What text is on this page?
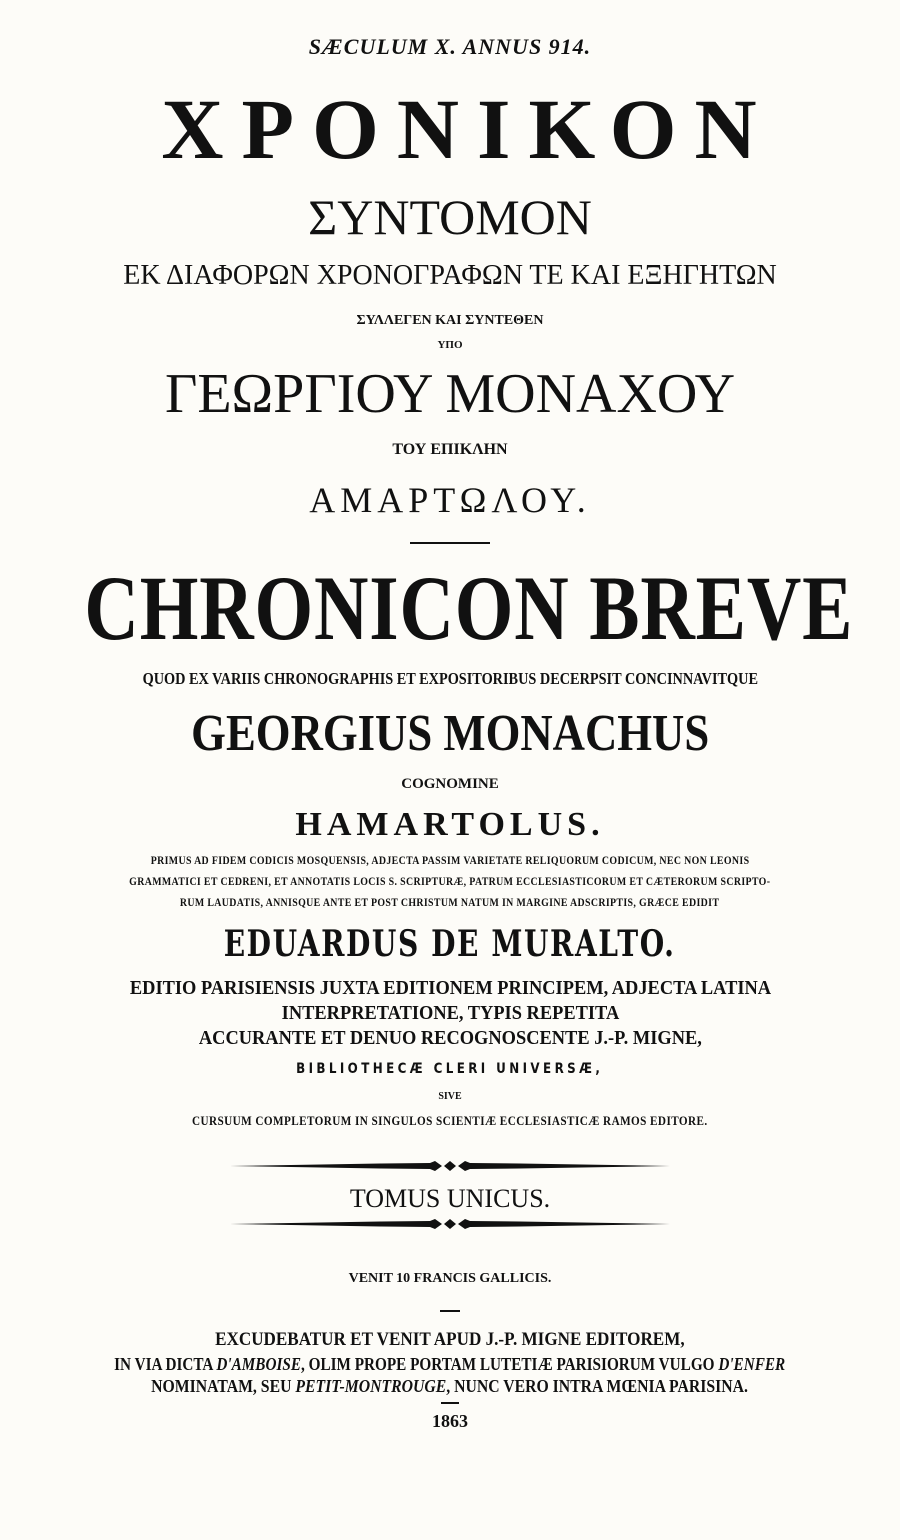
SÆCULUM X. ANNUS 914.

ΧΡΟΝΙΚΟΝ

ΣΥΝΤΟΜΟΝ

ΕΚ ΔΙΑΦΟΡΩΝ ΧΡΟΝΟΓΡΑΦΩΝ ΤΕ ΚΑΙ ΕΞΗΓΗΤΩΝ

ΣΥΛΛΕΓΕΝ ΚΑΙ ΣΥΝΤΕΘΕΝ

ΥΠΟ

ΓΕΩΡΓΙΟΥ ΜΟΝΑΧΟΥ

ΤΟΥ ΕΠΙΚΛΗΝ

ΑΜΑΡΤΩΛΟΥ.

CHRONICON BREVE

QUOD EX VARIIS CHRONOGRAPHIS ET EXPOSITORIBUS DECERPSIT CONCINNAVITQUE

GEORGIUS MONACHUS

COGNOMINE

HAMARTOLUS.

PRIMUS AD FIDEM CODICIS MOSQUENSIS, ADJECTA PASSIM VARIETATE RELIQUORUM CODICUM, NEC NON LEONIS

GRAMMATICI ET CEDRENI, ET ANNOTATIS LOCIS S. SCRIPTURÆ, PATRUM ECCLESIASTICORUM ET CÆTERORUM SCRIPTO-

RUM LAUDATIS, ANNISQUE ANTE ET POST CHRISTUM NATUM IN MARGINE ADSCRIPTIS, GRÆCE EDIDIT

EDUARDUS DE MURALTO.

EDITIO PARISIENSIS JUXTA EDITIONEM PRINCIPEM, ADJECTA LATINA

INTERPRETATIONE, TYPIS REPETITA

ACCURANTE ET DENUO RECOGNOSCENTE J.-P. MIGNE,

BIBLIOTHECÆ CLERI UNIVERSÆ,

SIVE

CURSUUM COMPLETORUM IN SINGULOS SCIENTIÆ ECCLESIASTICÆ RAMOS EDITORE.

TOMUS UNICUS.

VENIT 10 FRANCIS GALLICIS.

EXCUDEBATUR ET VENIT APUD J.-P. MIGNE EDITOREM,

IN VIA DICTA D'AMBOISE, OLIM PROPE PORTAM LUTETIÆ PARISIORUM VULGO D'ENFER

NOMINATAM, SEU PETIT-MONTROUGE, NUNC VERO INTRA MŒNIA PARISINA.

1863
